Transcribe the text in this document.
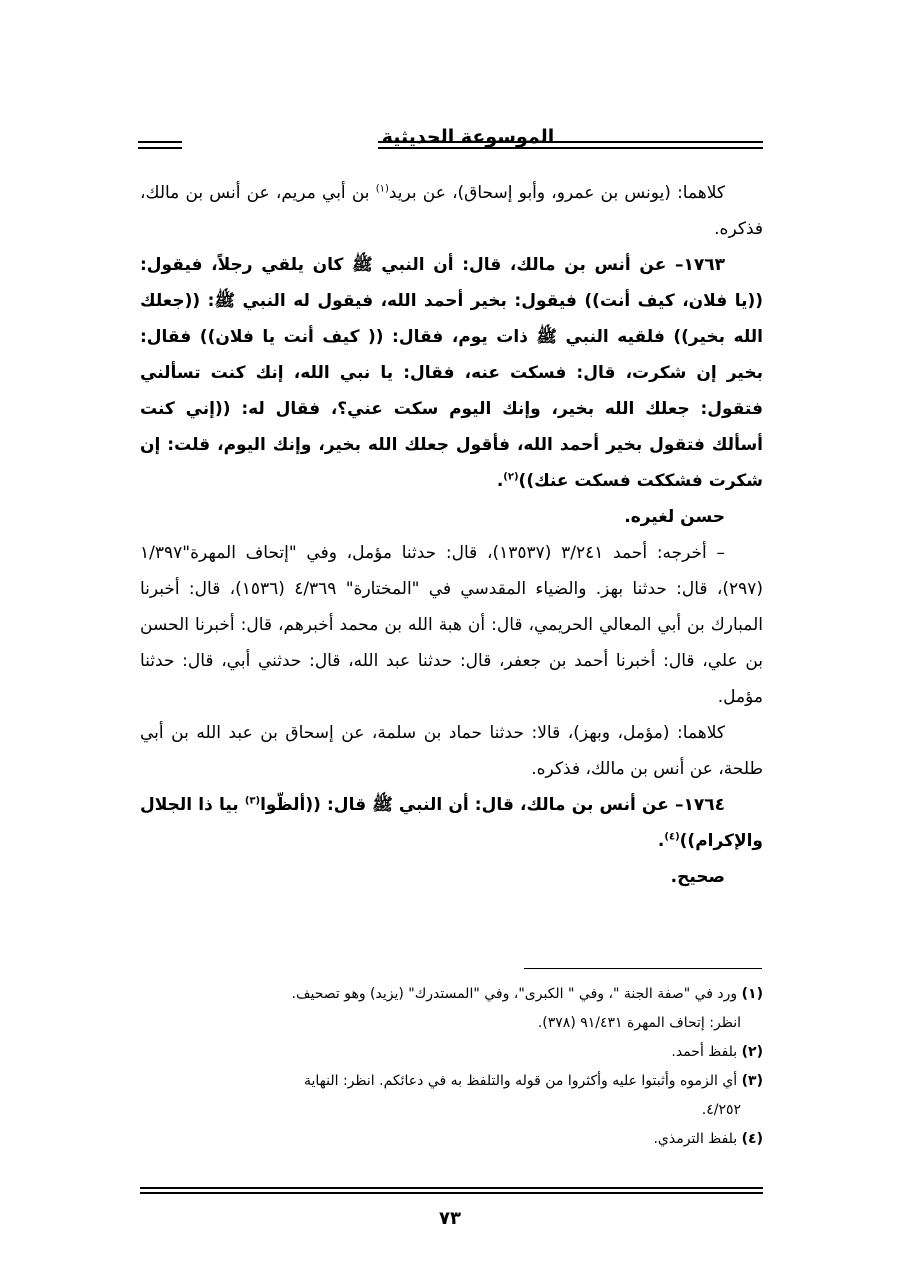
الموسوعة الحديثية

كلاهما: (يونس بن عمرو، وأبو إسحاق)، عن بريد$^{(١)}$ بن أبي مريم، عن أنس بن مالك، فذكره.

١٧٦٣– عن أنس بن مالك، قال: أن النبي ﷺ كان يلقي رجلاً، فيقول: ((يا فلان، كيف أنت)) فيقول: بخير أحمد الله، فيقول له النبي ﷺ: ((جعلك الله بخير)) فلقيه النبي ﷺ ذات يوم، فقال: (( كيف أنت يا فلان)) فقال: بخير إن شكرت، قال: فسكت عنه، فقال: يا نبي الله، إنك كنت تسألني فتقول: جعلك الله بخير، وإنك اليوم سكت عني؟، فقال له: ((إني كنت أسألك فتقول بخير أحمد الله، فأقول جعلك الله بخير، وإنك اليوم، قلت: إن شكرت فشككت فسكت عنك))$^{(٢)}$.

حسن لغيره.

– أخرجه: أحمد ٣/٢٤١ (١٣٥٣٧)، قال: حدثنا مؤمل، وفي "إتحاف المهرة"١/٣٩٧ (٢٩٧)، قال: حدثنا بهز. والضياء المقدسي في "المختارة" ٤/٣٦٩ (١٥٣٦)، قال: أخبرنا المبارك بن أبي المعالي الحريمي، قال: أن هبة الله بن محمد أخبرهم، قال: أخبرنا الحسن بن علي، قال: أخبرنا أحمد بن جعفر، قال: حدثنا عبد الله، قال: حدثني أبي، قال: حدثنا مؤمل.

كلاهما: (مؤمل، وبهز)، قالا: حدثنا حماد بن سلمة، عن إسحاق بن عبد الله بن أبي طلحة، عن أنس بن مالك، فذكره.

١٧٦٤– عن أنس بن مالك، قال: أن النبي ﷺ قال: ((ألظّوا$^{(٣)}$ بيا ذا الجلال والإكرام))$^{(٤)}$.

صحيح.

(١) ورد في "صفة الجنة "، وفي " الكبرى"، وفي "المستدرك" (يزيد) وهو تصحيف.

انظر: إتحاف المهرة ٩١/٤٣١ (٣٧٨).

(٢) بلفظ أحمد.

(٣) أي الزموه وأثبتوا عليه وأكثروا من قوله والتلفظ به في دعائكم. انظر: النهاية

٤/٢٥٢.

(٤) بلفظ الترمذي.

٧٣
